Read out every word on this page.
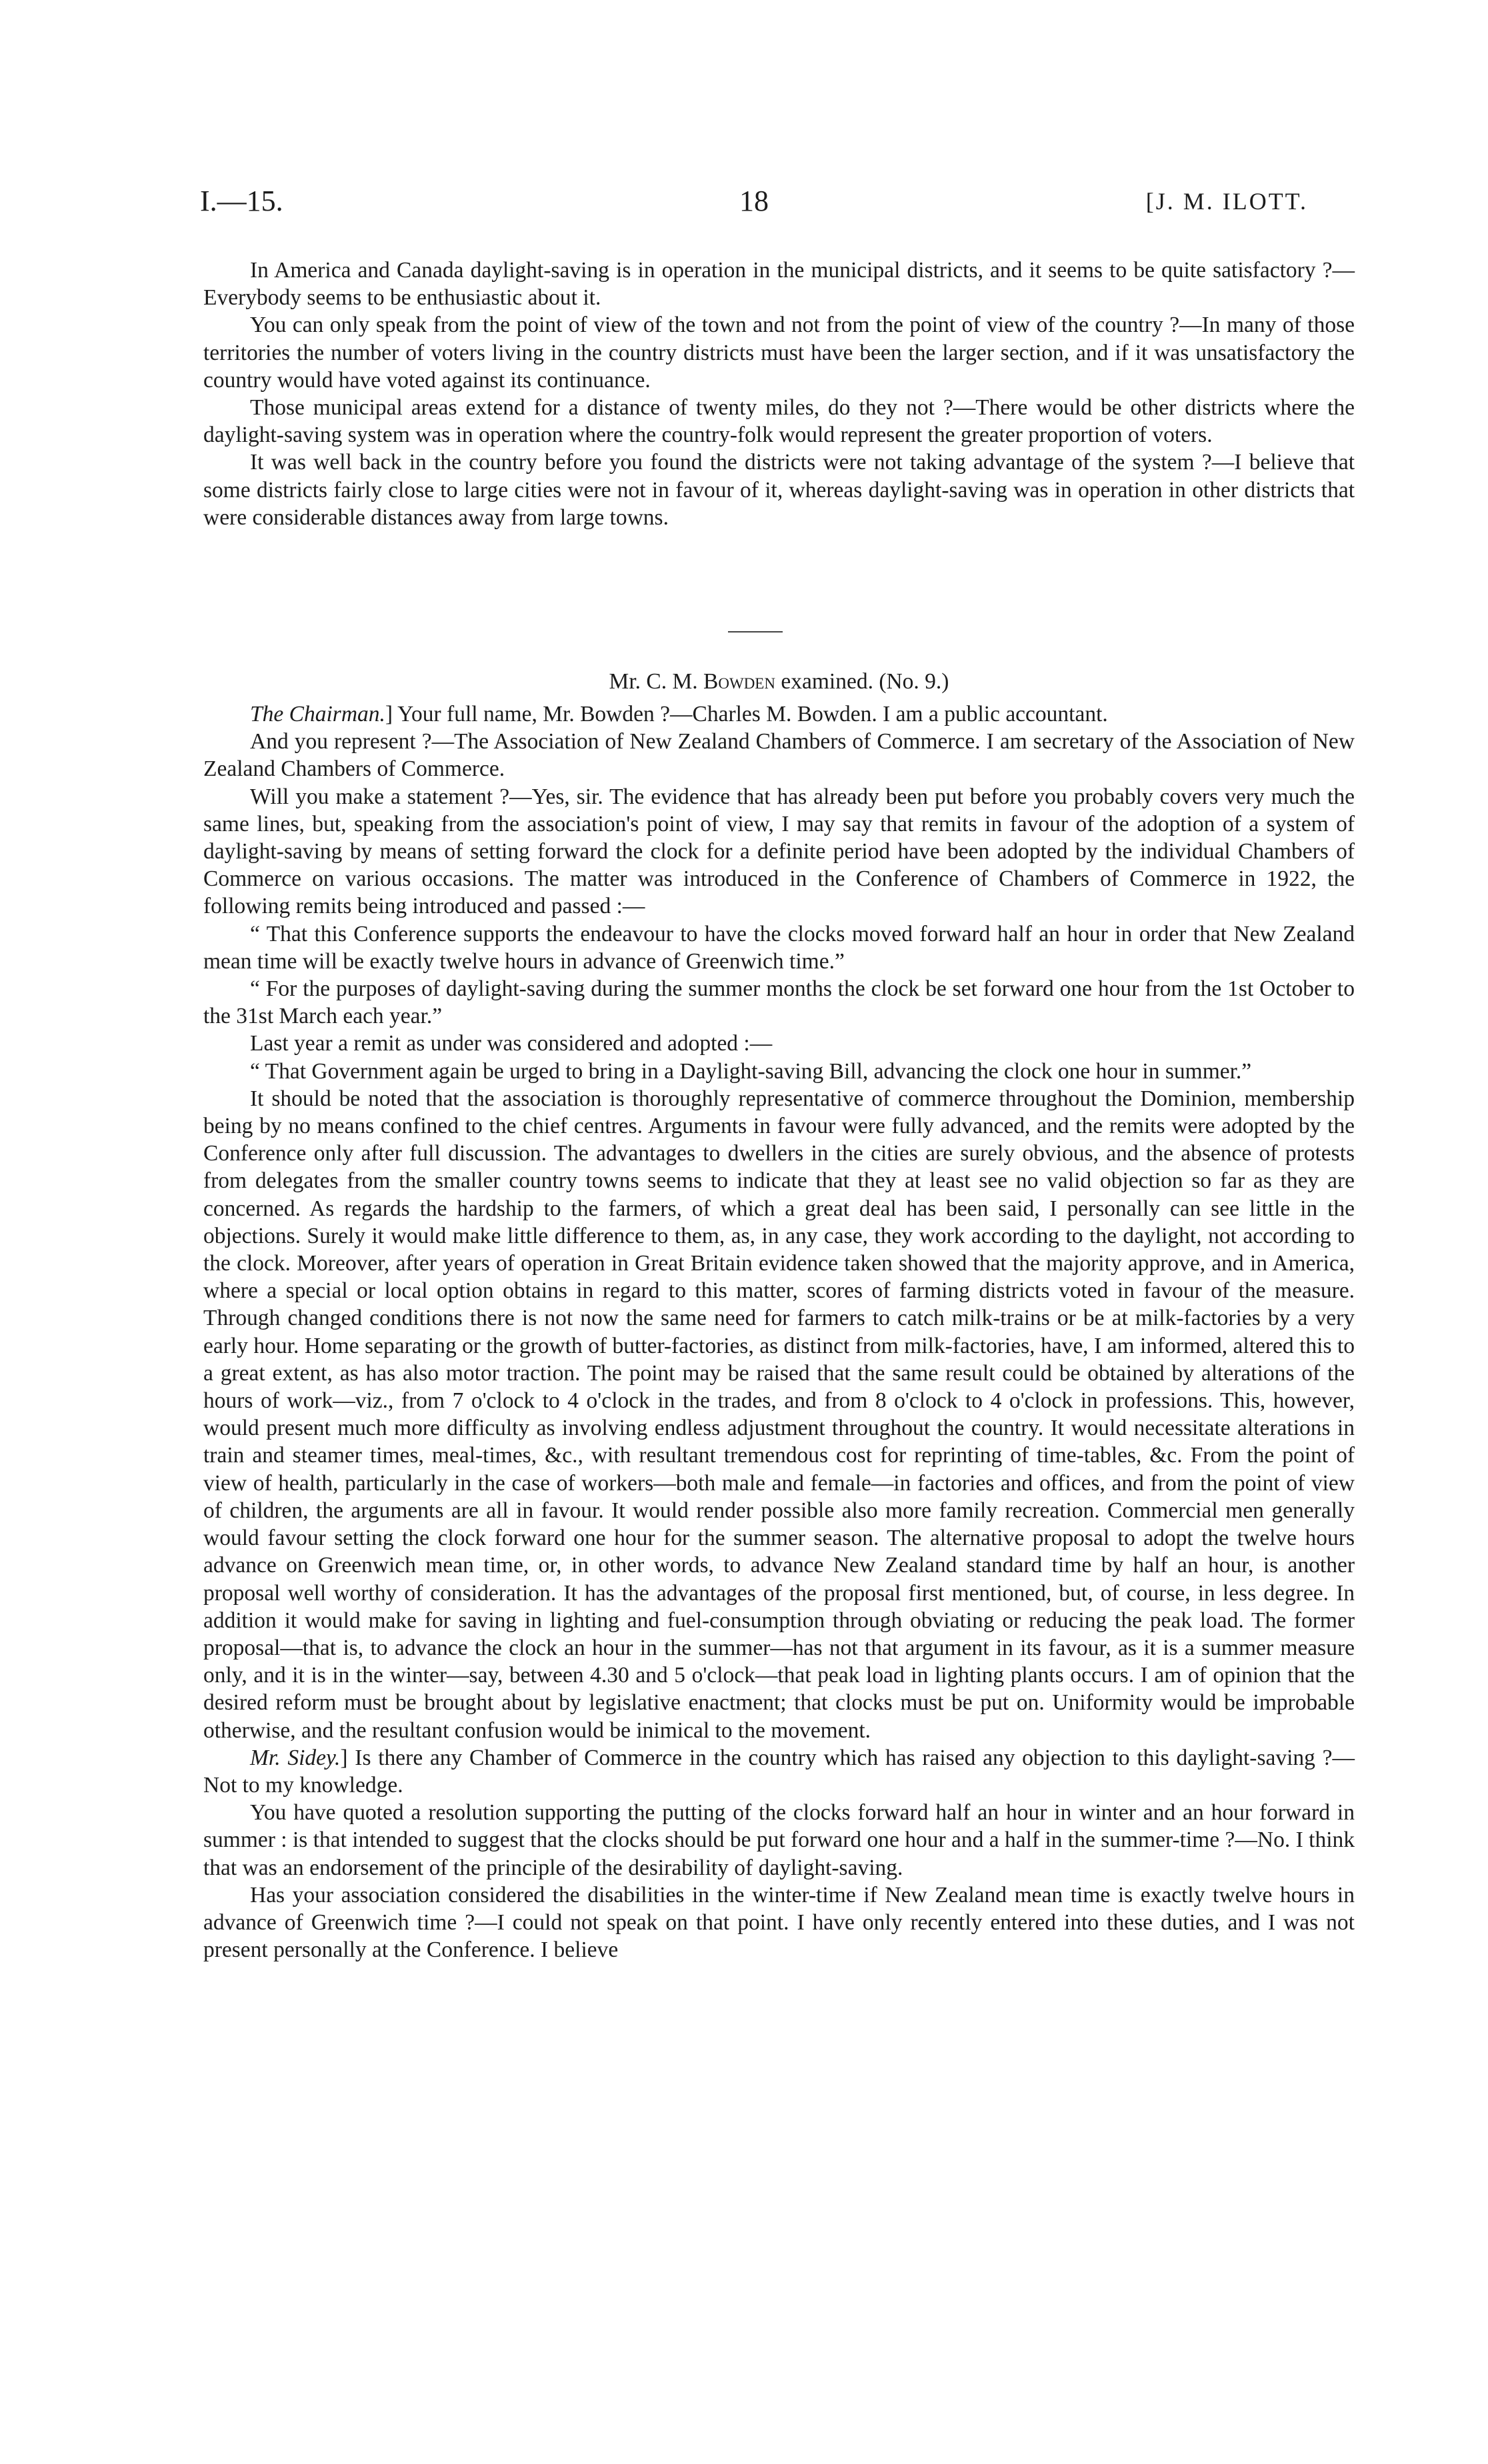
I.—15.	18	[J. M. ILOTT.

In America and Canada daylight-saving is in operation in the municipal districts, and it seems to be quite satisfactory ?—Everybody seems to be enthusiastic about it.

You can only speak from the point of view of the town and not from the point of view of the country ?—In many of those territories the number of voters living in the country districts must have been the larger section, and if it was unsatisfactory the country would have voted against its continuance.

Those municipal areas extend for a distance of twenty miles, do they not ?—There would be other districts where the daylight-saving system was in operation where the country-folk would represent the greater proportion of voters.

It was well back in the country before you found the districts were not taking advantage of the system ?—I believe that some districts fairly close to large cities were not in favour of it, whereas daylight-saving was in operation in other districts that were considerable distances away from large towns.

Mr. C. M. Bowden examined. (No. 9.)

The Chairman.] Your full name, Mr. Bowden ?—Charles M. Bowden. I am a public accountant.

And you represent ?—The Association of New Zealand Chambers of Commerce. I am secretary of the Association of New Zealand Chambers of Commerce.

Will you make a statement ?—Yes, sir. The evidence that has already been put before you probably covers very much the same lines, but, speaking from the association's point of view, I may say that remits in favour of the adoption of a system of daylight-saving by means of setting forward the clock for a definite period have been adopted by the individual Chambers of Commerce on various occasions. The matter was introduced in the Conference of Chambers of Commerce in 1922, the following remits being introduced and passed :—

“ That this Conference supports the endeavour to have the clocks moved forward half an hour in order that New Zealand mean time will be exactly twelve hours in advance of Greenwich time.”

“ For the purposes of daylight-saving during the summer months the clock be set forward one hour from the 1st October to the 31st March each year.”

Last year a remit as under was considered and adopted :—

“ That Government again be urged to bring in a Daylight-saving Bill, advancing the clock one hour in summer.”

It should be noted that the association is thoroughly representative of commerce throughout the Dominion, membership being by no means confined to the chief centres. Arguments in favour were fully advanced, and the remits were adopted by the Conference only after full discussion. The advantages to dwellers in the cities are surely obvious, and the absence of protests from delegates from the smaller country towns seems to indicate that they at least see no valid objection so far as they are concerned. As regards the hardship to the farmers, of which a great deal has been said, I personally can see little in the objections. Surely it would make little difference to them, as, in any case, they work according to the daylight, not according to the clock. Moreover, after years of operation in Great Britain evidence taken showed that the majority approve, and in America, where a special or local option obtains in regard to this matter, scores of farming districts voted in favour of the measure. Through changed conditions there is not now the same need for farmers to catch milk-trains or be at milk-factories by a very early hour. Home separating or the growth of butter-factories, as distinct from milk-factories, have, I am informed, altered this to a great extent, as has also motor traction. The point may be raised that the same result could be obtained by alterations of the hours of work—viz., from 7 o'clock to 4 o'clock in the trades, and from 8 o'clock to 4 o'clock in professions. This, however, would present much more difficulty as involving endless adjustment throughout the country. It would necessitate alterations in train and steamer times, meal-times, &c., with resultant tremendous cost for reprinting of time-tables, &c. From the point of view of health, particularly in the case of workers—both male and female—in factories and offices, and from the point of view of children, the arguments are all in favour. It would render possible also more family recreation. Commercial men generally would favour setting the clock forward one hour for the summer season. The alternative proposal to adopt the twelve hours advance on Greenwich mean time, or, in other words, to advance New Zealand standard time by half an hour, is another proposal well worthy of consideration. It has the advantages of the proposal first mentioned, but, of course, in less degree. In addition it would make for saving in lighting and fuel-consumption through obviating or reducing the peak load. The former proposal—that is, to advance the clock an hour in the summer—has not that argument in its favour, as it is a summer measure only, and it is in the winter—say, between 4.30 and 5 o'clock—that peak load in lighting plants occurs. I am of opinion that the desired reform must be brought about by legislative enactment; that clocks must be put on. Uniformity would be improbable otherwise, and the resultant confusion would be inimical to the movement.

Mr. Sidey.] Is there any Chamber of Commerce in the country which has raised any objection to this daylight-saving ?—Not to my knowledge.

You have quoted a resolution supporting the putting of the clocks forward half an hour in winter and an hour forward in summer : is that intended to suggest that the clocks should be put forward one hour and a half in the summer-time ?—No. I think that was an endorsement of the principle of the desirability of daylight-saving.

Has your association considered the disabilities in the winter-time if New Zealand mean time is exactly twelve hours in advance of Greenwich time ?—I could not speak on that point. I have only recently entered into these duties, and I was not present personally at the Conference. I believe
